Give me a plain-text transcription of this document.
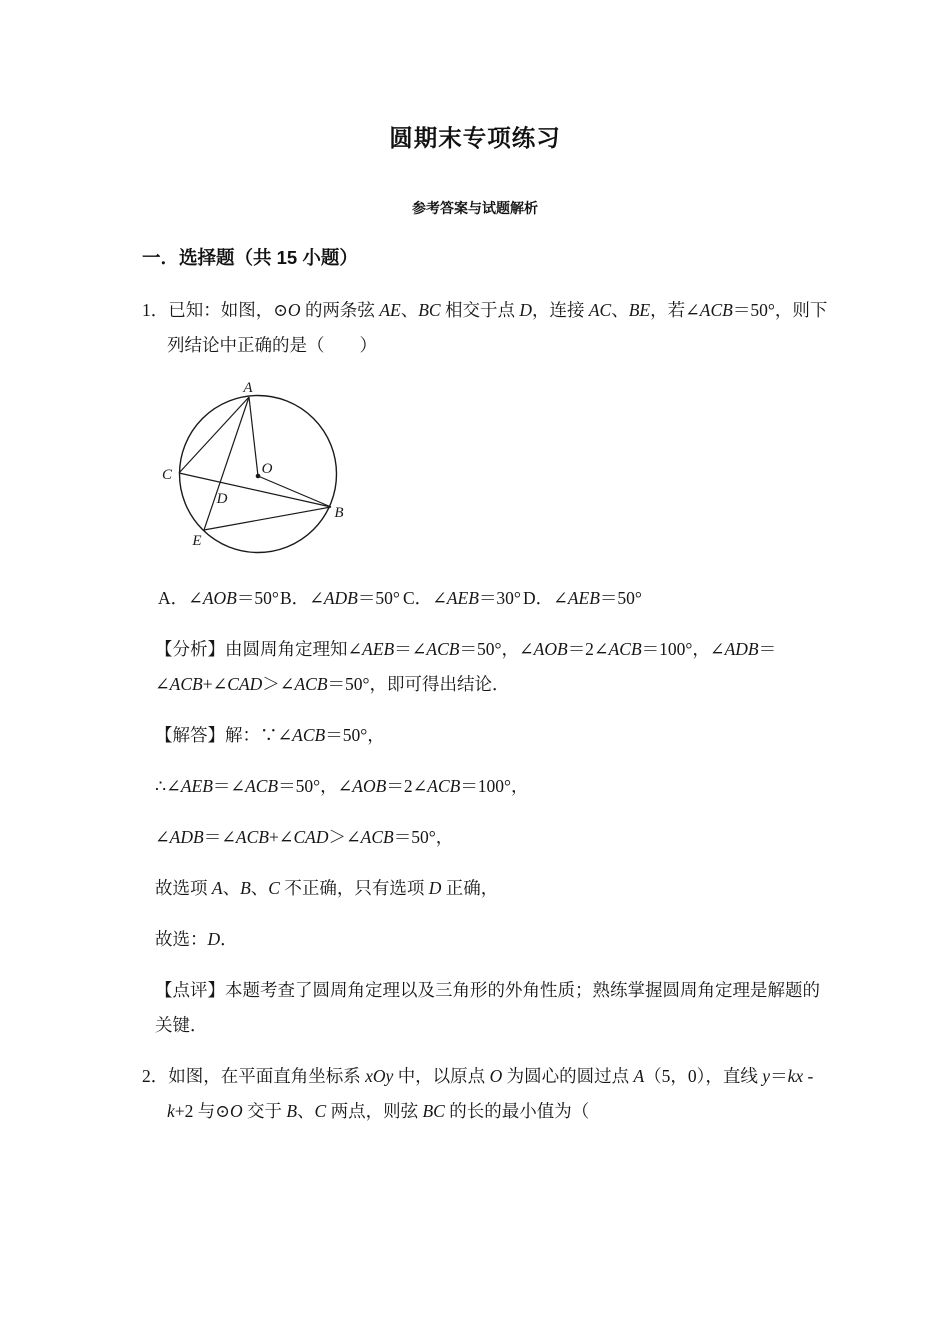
圆期末专项练习
参考答案与试题解析
一．选择题（共 15 小题）
1．已知：如图，⊙O 的两条弦 AE、BC 相交于点 D，连接 AC、BE，若∠ACB＝50°，则下
列结论中正确的是（　　）
A
C	O
D
B
E
A．∠AOB＝50°B．∠ADB＝50° C．∠AEB＝30° D．∠AEB＝50°
【分析】由圆周角定理知∠AEB＝∠ACB＝50°，∠AOB＝2∠ACB＝100°，∠ADB＝
∠ACB+∠CAD＞∠ACB＝50°，即可得出结论．
【解答】解：∵∠ACB＝50°，
∴∠AEB＝∠ACB＝50°，∠AOB＝2∠ACB＝100°，
∠ADB＝∠ACB+∠CAD＞∠ACB＝50°，
故选项 A、B、C 不正确，只有选项 D 正确，
故选：D．
【点评】本题考查了圆周角定理以及三角形的外角性质；熟练掌握圆周角定理是解题的
关键．
2．如图，在平面直角坐标系 xOy 中，以原点 O 为圆心的圆过点 A（5，0），直线 y＝kx -
k+2 与⊙O 交于 B、C 两点，则弦 BC 的长的最小值为（
